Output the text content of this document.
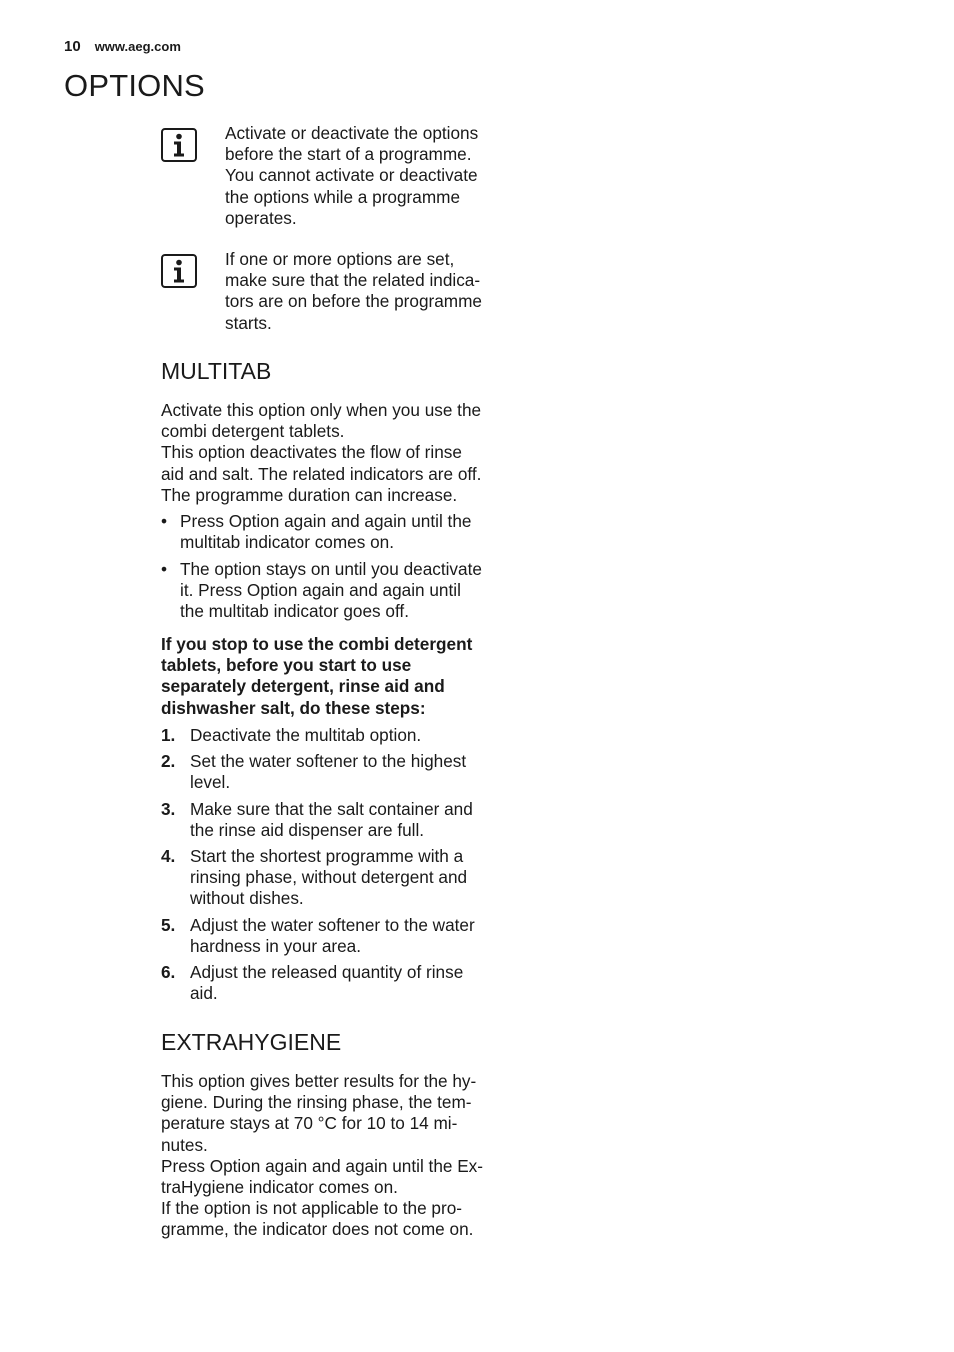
10 www.aeg.com
OPTIONS

Activate or deactivate the options
before the start of a programme.
You cannot activate or deactivate
the options while a programme
operates.

If one or more options are set,
make sure that the related indica-
tors are on before the programme
starts.

MULTITAB

Activate this option only when you use the
combi detergent tablets.
This option deactivates the flow of rinse
aid and salt. The related indicators are off.
The programme duration can increase.

• Press Option again and again until the
multitab indicator comes on.
• The option stays on until you deactivate
it. Press Option again and again until
the multitab indicator goes off.

If you stop to use the combi detergent
tablets, before you start to use
separately detergent, rinse aid and
dishwasher salt, do these steps:

1. Deactivate the multitab option.
2. Set the water softener to the highest
level.
3. Make sure that the salt container and
the rinse aid dispenser are full.
4. Start the shortest programme with a
rinsing phase, without detergent and
without dishes.
5. Adjust the water softener to the water
hardness in your area.
6. Adjust the released quantity of rinse
aid.
EXTRAHYGIENE

This option gives better results for the hy-
giene. During the rinsing phase, the tem-
perature stays at 70 °C for 10 to 14 mi-
nutes.
Press Option again and again until the Ex-
traHygiene indicator comes on.
If the option is not applicable to the pro-
gramme, the indicator does not come on.
